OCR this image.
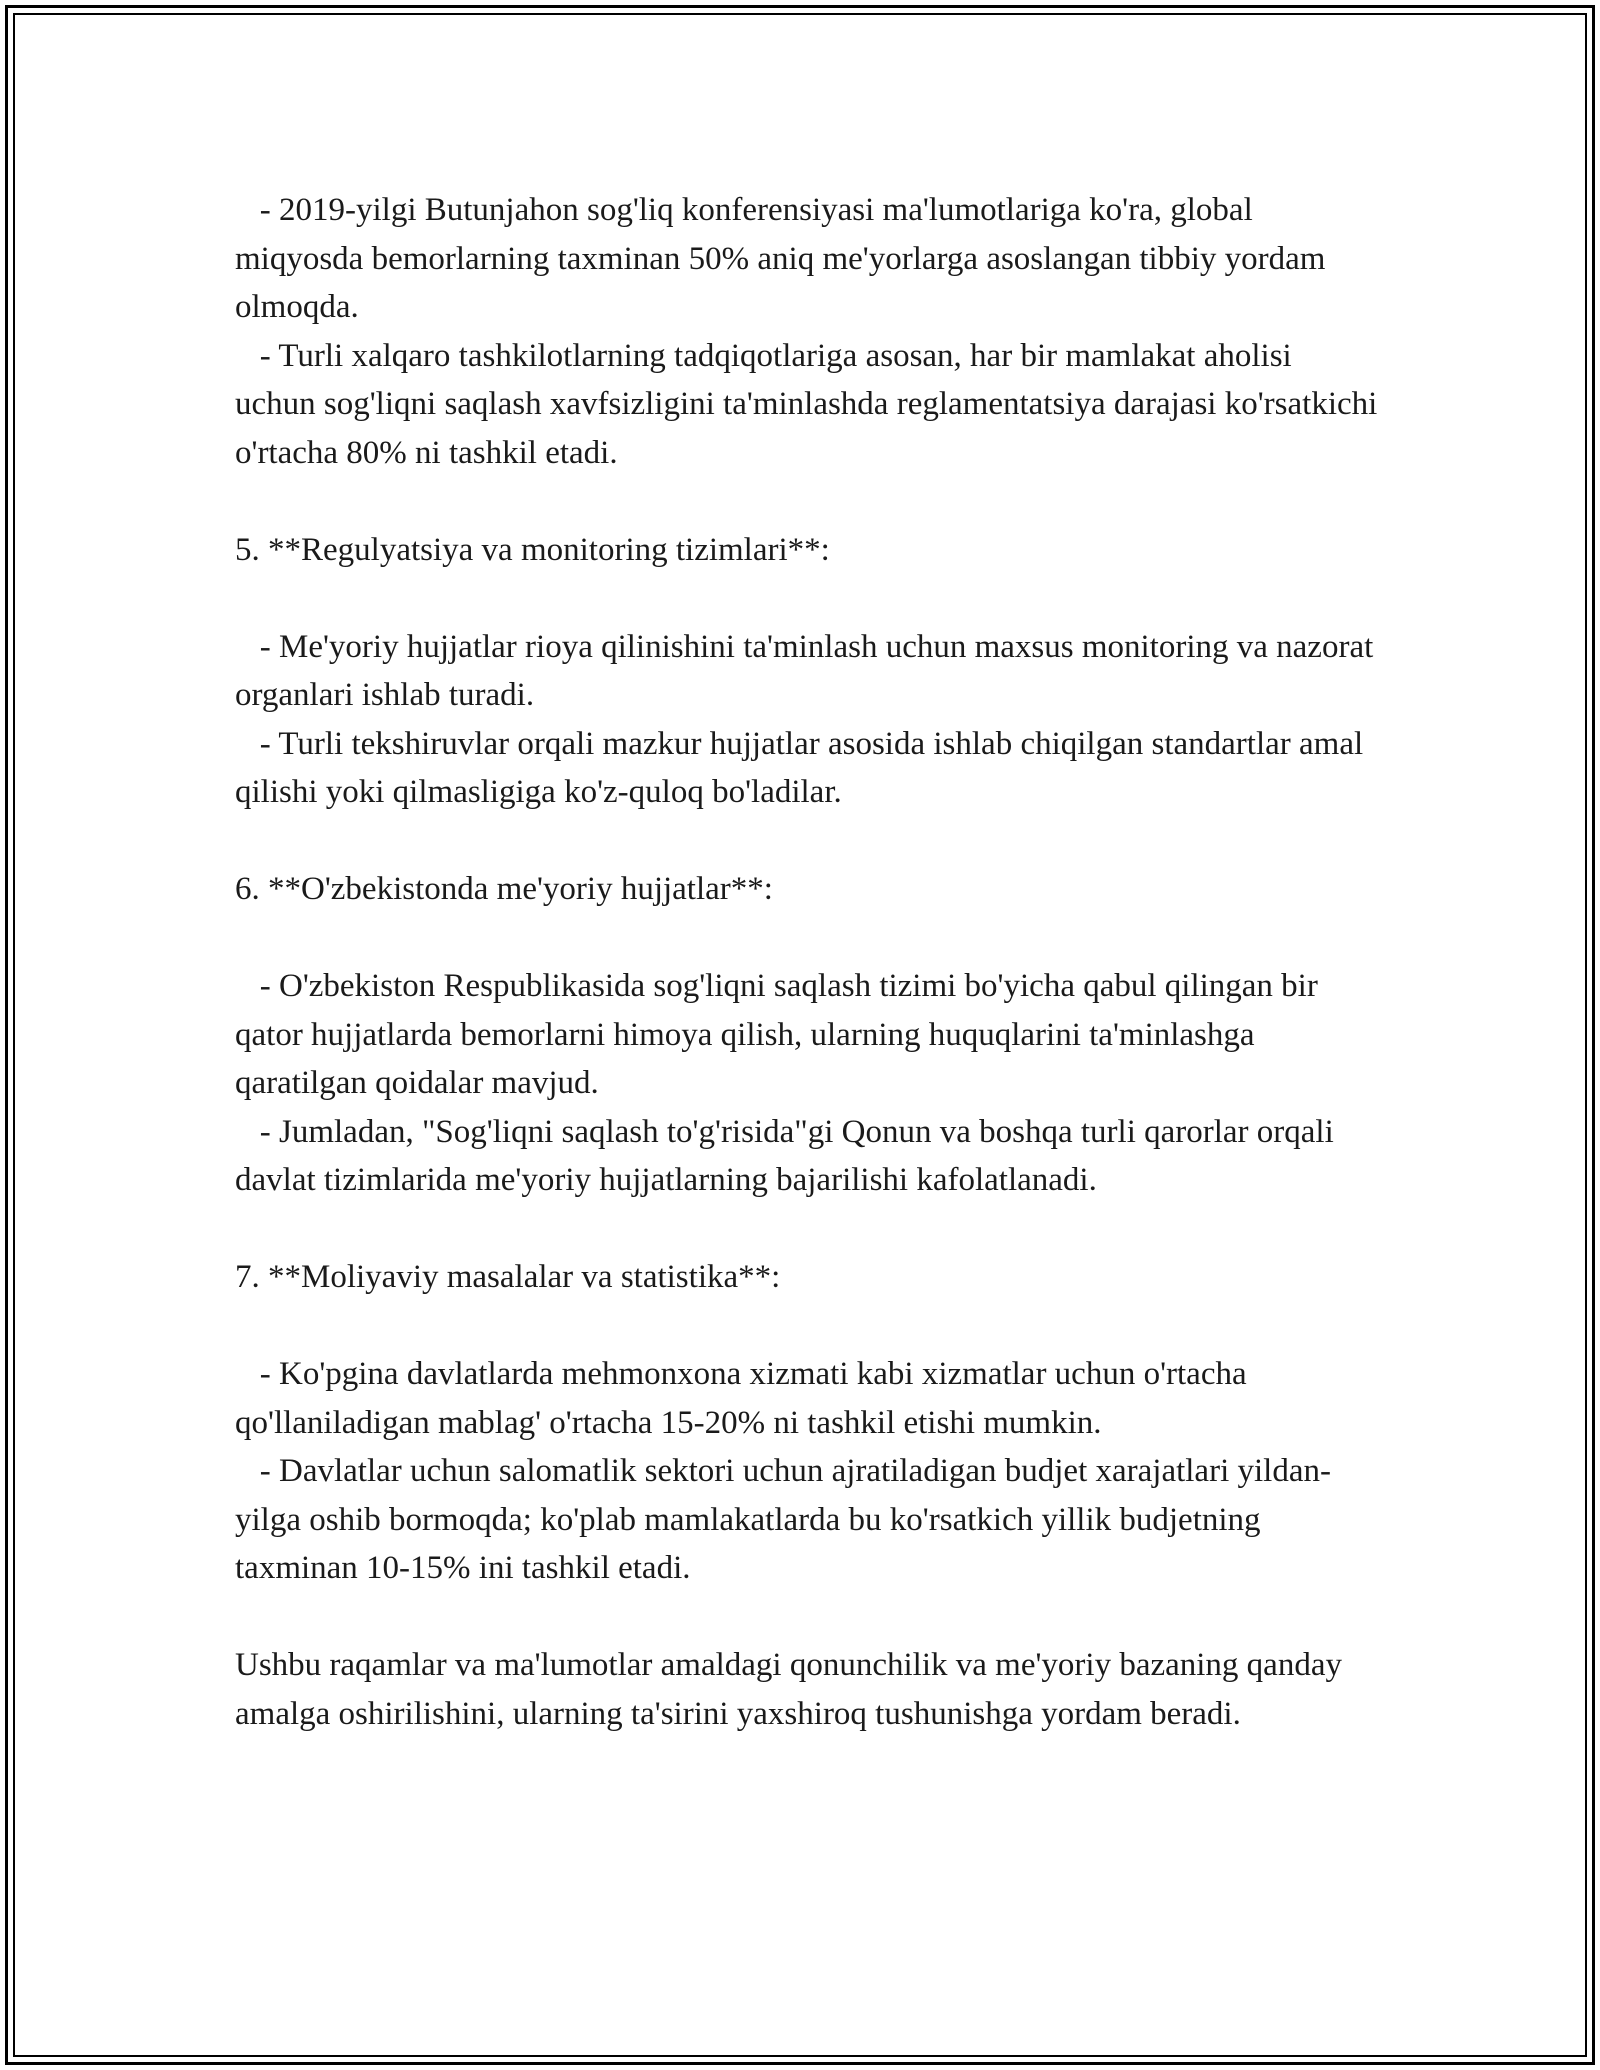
- 2019-yilgi Butunjahon sog'liq konferensiyasi ma'lumotlariga ko'ra, global miqyosda bemorlarning taxminan 50% aniq me'yorlarga asoslangan tibbiy yordam olmoqda.

- Turli xalqaro tashkilotlarning tadqiqotlariga asosan, har bir mamlakat aholisi uchun sog'liqni saqlash xavfsizligini ta'minlashda reglamentatsiya darajasi ko'rsatkichi o'rtacha 80% ni tashkil etadi.

5. **Regulyatsiya va monitoring tizimlari**:

- Me'yoriy hujjatlar rioya qilinishini ta'minlash uchun maxsus monitoring va nazorat organlari ishlab turadi.

- Turli tekshiruvlar orqali mazkur hujjatlar asosida ishlab chiqilgan standartlar amal qilishi yoki qilmasligiga ko'z-quloq bo'ladilar.

6. **O'zbekistonda me'yoriy hujjatlar**:

- O'zbekiston Respublikasida sog'liqni saqlash tizimi bo'yicha qabul qilingan bir qator hujjatlarda bemorlarni himoya qilish, ularning huquqlarini ta'minlashga qaratilgan qoidalar mavjud.

- Jumladan, "Sog'liqni saqlash to'g'risida"gi Qonun va boshqa turli qarorlar orqali davlat tizimlarida me'yoriy hujjatlarning bajarilishi kafolatlanadi.

7. **Moliyaviy masalalar va statistika**:

- Ko'pgina davlatlarda mehmonxona xizmati kabi xizmatlar uchun o'rtacha qo'llaniladigan mablag' o'rtacha 15-20% ni tashkil etishi mumkin.

- Davlatlar uchun salomatlik sektori uchun ajratiladigan budjet xarajatlari yildan-yilga oshib bormoqda; ko'plab mamlakatlarda bu ko'rsatkich yillik budjetning taxminan 10-15% ini tashkil etadi.

Ushbu raqamlar va ma'lumotlar amaldagi qonunchilik va me'yoriy bazaning qanday amalga oshirilishini, ularning ta'sirini yaxshiroq tushunishga yordam beradi.
